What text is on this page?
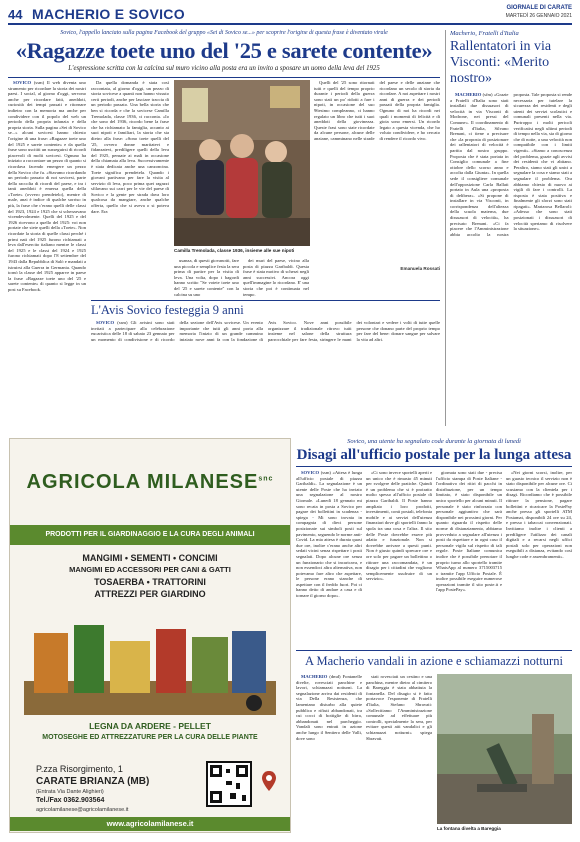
44 MACHERIO E SOVICO	GIORNALE DI CARATE
MARTEDÌ 26 GENNAIO 2021
Sovico, l'appello lanciato sulla pagina Facebook del gruppo «Sei di Sovico se...» per scoprire l'origine di questa frase è diventato virale
«Ragazze toete uno del '25 e sarete contente»
L'espressione scritta con la calcina sul muro vicino alla posta era un invito a sposare un uomo della leva del 1925

SOVICO (ssm) Il web diventa uno strumento per ricordare la storia dei nostri paesi. I social, al giorno d'oggi, servono anche per ricordare fatti, aneddoti, curiosità dei tempi passati e ritornare indietro con la memoria ma anche per condividere con il popolo del web un periodo della propria infanzia e della propria storia. Sulla pagina «Sei di Sovico se...» alcuni sovicesi hanno chiesto l'origine di una frase: «Ragazze toete uno del 1925 e sarete contente» e da quella frase sono uscititi un susseguirsi di ricordi piacevoli di molti sovicesi. Ognuno ha iniziato a raccontare un pezzo di quanto si ricordava facendo emergere un pezzo della Sovico che fu. «Stavamo ricordando un periodo passato di noi sovicesi, parte della raccolta di ricordi del paese, e tra i tanti aneddoti è emersa quella della «Toete» (ovvero prendetelo), mentre di male, anzi è indice di qualche sorriso in più, la frase che c'erano quelli delle classi del 1923, 1924 e 1925 che si scherzavano vicendevolmente. Quelli del 1925 e del 1926 ricevono a quello del 1925: voi non portate che siete quelli della «Toete». Non ricordate la storia di quelle classi perché i primi nati del 1925 furono richiamati a leva dall'esercito italiano mentre le classi del 1925 e le classi del 1924 e 1925 furono richiamati dopo l'8 settembre del 1943 dalla Repubblica di Salò e mandati a istruirsi alla Guerra in Germania. Quando tornò la classe del 1925 apparve in paese la frase «Ragazze toete uno del '25 e sarete contente» di quanto si legge in un post su Facebook.

Da quella domanda è stata così raccontata, al giorno d'oggi, un pezzo di storia sovicese a quanti non hanno vissuto certi periodi, anche per lasciare traccia di un periodo passato. Una bella storia che ben si ricorda e che la sovicese Camilla Tremolada, classe 1936, ci racconta. «Io che sono del 1936, ricordo bene la frase che ha richiamato la famiglia, accanto ai suoi nipoti e familiari, la storia che sta dietro alla frase: «Sono toete quelli del '25, ovvero donne maritatevi e fidanzatevi, prediligere quelli della leva del 1925, pensate ai mali in occasione della chiamata alla leva. Successivamente è stata dedicata anche una canzoncina. Toete significa prendetela. Quando i giovani partivano per fare la visita al servizio di leva, poco prima quei ragazzi sfilavano sui carri per le vie del paese di Sovico e la gente per strada dava loro qualcosa da mangiare, anche qualche offerta, quello che si aveva o si poteva dare. Era

Camilla Tremolada, classe 1936, insieme alle sue nipoti

usanza, di questi giovanotti, fare una piccola e semplice festa la sera prima di partire per la visita di leva. Una volta, dopo i bagordi hanno scritto "Se votete toete uno del '25 e sarete contente" con la calcina su uno

dei muri del paese, vicino alla posta di piazza Garibaldi. Questa frase è stata motivo di scherzi negli anni successivi. Ancora oggi quell'immagine lo ricordano. E' una storia che poi è continuata nel tempo.

Quelli del '25 sono ritornati tutti e quelli del tempo proprio durante i periodi della guerra sono stati un po' ridotti a fare i nipoti, in occasione del suo 96esimo compleanno, ci hanno regalato un libro che tutti i suoi aneddoti della giovinezza. Queste frasi sono state ricordate da alcune persone, alcune delle anziane, camminano nelle strade del paese e delle anziane che ricordano un secolo di storia da ricordare. A noi aspettare i nostri anni di guerra e dei periodi passati della propria famiglia. Ognuno di noi ha ricordi nei quali i momenti di felicità e di gioia sono emersi. Un ricordo legato a questa vicenda, che ho voluto condividere, e ho cercato di rendere il ricordo vivo.

Emanuela Rossati
L'Avis Sovico festeggia 9 anni

SOVICO (ssm) Gli avisini sono stati invitati a partecipare alla celebrazione eucaristica delle 18 di sabato 23 gennaio per un momento di condivisione e di ricordo della sezione dell'Avis sovicese. Un evento importante che tutti gli anni porta alla memoria l'inizio di un grande cammino iniziato nove anni fa con la fondazione di Avis Sovico. Nove anni possibile organizzare il tradizionale ritrovo tutti insieme nel salone della struttura parrocchiale per fare festa, stringere le mani dei volontari e vedere i volti di tutte quelle persone che donano parte del proprio tempo per fare del bene: donare sangue per salvare la vita ad altri.

Macherio, Fratelli d'Italia
Rallentatori in via Visconti: «Merito nostro»

MACHERIO (sfm) «Grazie a Fratelli d'Italia sono stati installati due dissuasori di velocità in via Visconti di Modrone, nei pressi del Comune». Il coordinamento di Fratelli d'Italia, Silvano Brenani, ci tiene a precisare che «la proposta di posizionare dei rallentatori di velocità è partita dal nostro gruppo. Proposta che è stata portata in Consiglio comunale a fine ottobre dello scorso anno e accolta dalla Giunta». In quella sede il consigliere comunale dell'opposizione Carla Ballati portato in Aula una «proposta di delibera». «Si propone di installare in via Visconti, in corrispondenza dell'altezza della scuola materna, due dissuasori di velocità», ha precisato Brenani. «Ci fa piacere che l'Amministrazione abbia accolto la nostra proposta. Tale proposta si rende necessaria per tutelare la sicurezza dei residenti e degli utenti dei servizi scolastici e comunali presenti nella via. Purtroppo i molti pericoli verificatisi negli ultimi periodi di tempo nella via, sia di giorno che di notte, a una velocità non compatibile con i limiti vigenti». «Siamo a conoscenza del problema, grazie agli avvisi dei residenti che vi abitano. Peraltro, siamo stati gli unici a segnalare la cosa e siamo stati a segnalare il problema. Ora abbiamo chiesto di nuovo ai vigili di fare i controlli. La risposta è stata positiva e finalmente gli sforzi sono stati ripagati». Mariarosa Bellaroli: «Adesso che sono stati posizionati i dissuasori di velocità speriamo di risolvere la situazione».

AGRICOLA $MILANESE^{snc}$
PRODOTTI PER IL GIARDINAGGIO E LA CURA DEGLI ANIMALI
MANGIMI • SEMENTI • CONCIMI
MANGIMI ED ACCESSORI PER CANI & GATTI
TOSAERBA • TRATTORINI
ATTREZZI PER GIARDINO
LEGNA DA ARDERE - PELLET
MOTOSEGHE ED ATTREZZATURE PER LA CURA DELLE PIANTE
P.zza Risorgimento, 1
CARATE BRIANZA (MB)
(Entrata Via Dante Alighieri)
Tel./Fax 0362.903564
agricolamilanese@agricolamilanese.it
www.agricolamilanese.it
Sovico, una utente ha segnalato code durante la giornata di lunedì
Disagi all'ufficio postale per la lunga attesa

SOVICO (ssm) «Attesa è lunga all'ufficio postale di piazza Garibaldi». La segnalazione è un utente delle Poste che ha inviato una segnalazione al nostro Giornale. «Lunedì 18 gennaio mi sono recata in posta a Sovico per pagare dei bollettini in scadenza - spiega - Mi sono trovata in compagnia di dieci persone posizionate sui simboli posti sul pavimento, seguendo le norme anti-Covid. La mia attesa è durata quasi due ore, inoltre c'erano anche altri sedati vicini senza rispettare i posti segnalati. Dopo alcune ore senza un funzionario che si incaricava, e non essendoci altra alternativa, non potevamo fare altro che aspettare, le persone erano stanche di aspettare con il freddo fuori. Poi ci hanno detto di andare a casa e di tornare il giorno dopo».

«Ci sono invece sportelli aperti e un unico che è rimasto 45 minuti per svolgere delle pratiche. Quindi è un problema che si è protratto molto spesso all'ufficio postale di piazza Garibaldi. Il Poste hanno ampliato i loro prodotti, investimenti, conti postali, telefonia mobile e ai servizi dell'utenza finanziari dove gli sportelli fanno la spola tra una cosa e l'altra. Il sito delle Poste dovrebbe essere più adatto e funzionale. Non si dovrebbe arrivare a questi punti. Non è giusto quindi sprecare ore e ore solo per pagare un bollettino o ritirare una raccomandata, è un disagio per i cittadini che vogliono semplicemente usufruire di un servizio».

giornata sono stati due - precisa l'ufficio stampa di Poste Italiane - l'ordinativo dei ritiri di pacchi in distribuzione, per un tempo limitato, è stato disponibile un unico sportello per alcuni minuti. Il personale è stato rinforzato con personale aggiuntivo che sarà disponibile nei prossimi giorni. Per quanto riguarda il rispetto delle norme di distanziamento, abbiamo provveduto a segnalare all'utenza i posti da rispettare e in ogni caso il personale vigila sul rispetto di tali regole. Poste Italiane comunica inoltre che è possibile prenotare il proprio turno allo sportello tramite WhatsApp al numero 3715003715 o tramite l'app Ufficio Postale. È inoltre possibile eseguire numerose operazioni tramite il sito poste.it e l'app PostePay».

«Nei giorni scorsi, inoltre, per un guasto tecnico il servizio non è stato disponibile per alcune ore. Ci scusiamo con la clientela per i disagi. Ricordiamo che è possibile ritirare la pensione, pagare bollettini e ricaricare la PostePay anche presso gli sportelli ATM Postamat, disponibili 24 ore su 24, e presso i tabaccai convenzionati. Invitiamo inoltre i clienti a prediligere l'utilizzo dei canali digitali e a recarsi negli uffici postali solo per operazioni non eseguibili a distanza, evitando così lunghe code e assembramenti».

A Macherio vandali in azione e schiamazzi notturni

MACHERIO (dmd) Fontanelle divelte, rovesciati panchine e lavori, schiamazzi notturni. La segnalazione arriva dai residenti di via Della Resistenza, che lamentano disturbo alla quiete pubblica e rifiuti abbandonati, tra cui cocci di bottiglie di birra, abbandonati nel parcheggio. Vandali sono entrati in azione anche lungo il Sentiero delle Valli, dove sono

stati rovesciati un cestino e una panchina, mentre dietro al cimitero di Bareggia è stata abbattuta la fontanella. Del disagio si è fatto portavoce l'esponente di Fratelli d'Italia, Stefano Sbravati: «Sollecitiamo l'Amministrazione comunale ad effettuare più controlli, specialmente la sera, per evitare questi atti vandalici e gli schiamazzi notturni» spiega Sbravati.

La fontana divelta a Bareggia
